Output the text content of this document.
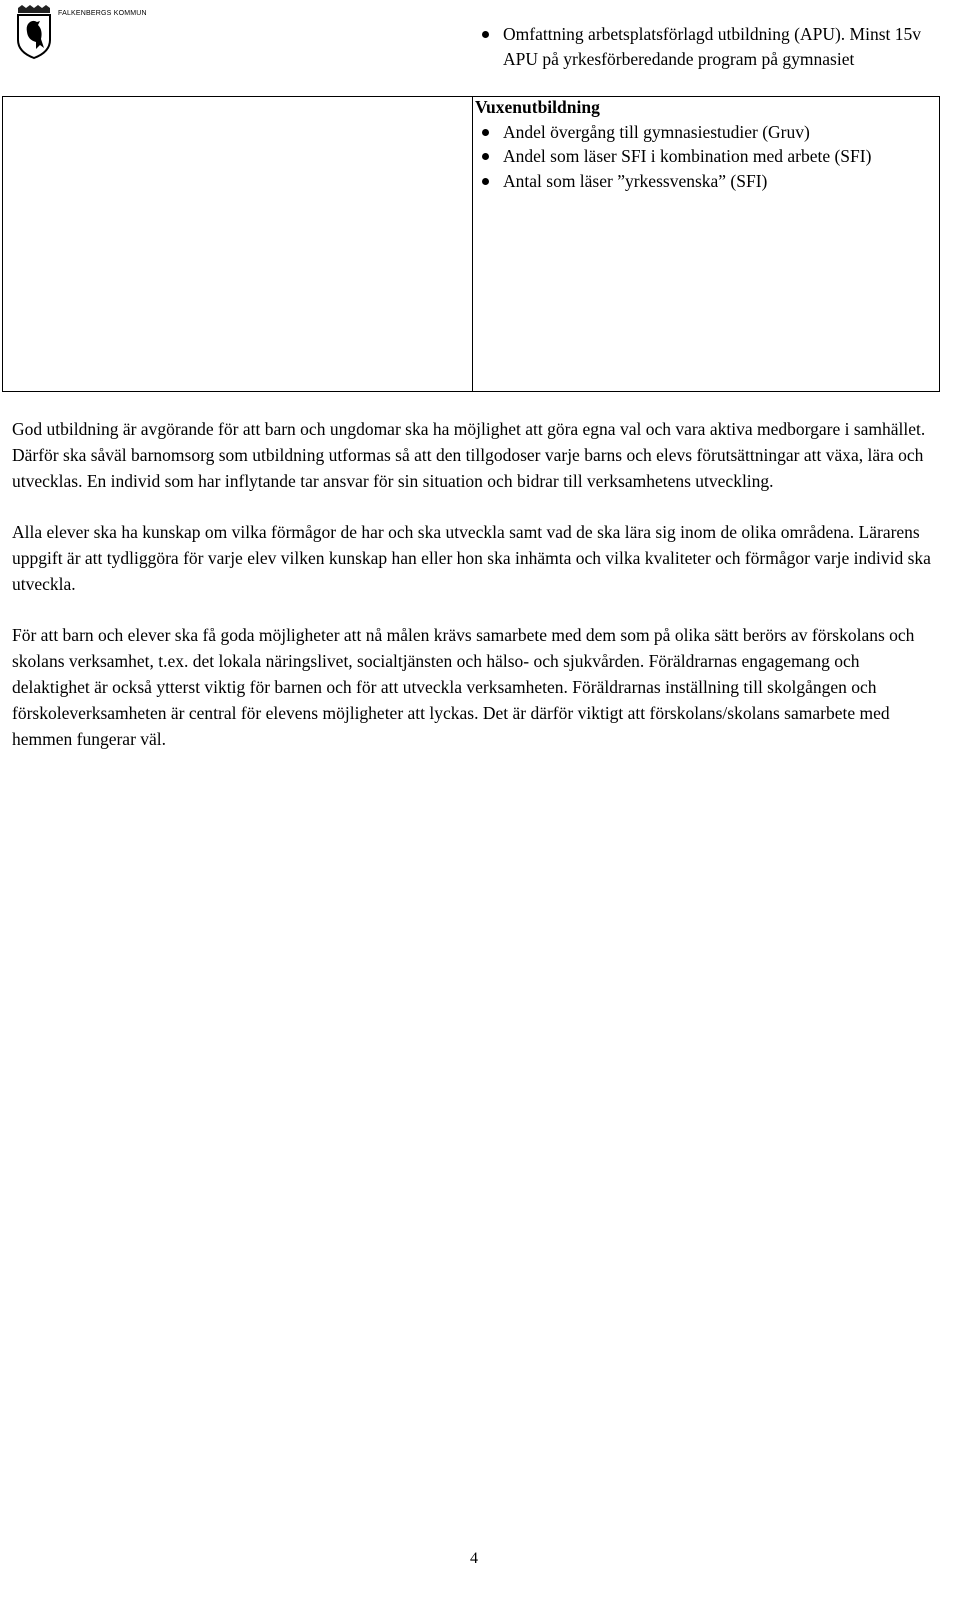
FALKENBERGS KOMMUN
Omfattning arbetsplatsförlagd utbildning (APU). Minst 15v APU på yrkesförberedande program på gymnasiet
Vuxenutbildning
Andel övergång till gymnasiestudier (Gruv)
Andel som läser SFI i kombination med arbete (SFI)
Antal som läser ”yrkessvenska” (SFI)

God utbildning är avgörande för att barn och ungdomar ska ha möjlighet att göra egna val och vara aktiva medborgare i samhället. Därför ska såväl barnomsorg som utbildning utformas så att den tillgodoser varje barns och elevs förutsättningar att växa, lära och utvecklas. En individ som har inflytande tar ansvar för sin situation och bidrar till verksamhetens utveckling.

Alla elever ska ha kunskap om vilka förmågor de har och ska utveckla samt vad de ska lära sig inom de olika områdena. Lärarens uppgift är att tydliggöra för varje elev vilken kunskap han eller hon ska inhämta och vilka kvaliteter och förmågor varje individ ska utveckla.

För att barn och elever ska få goda möjligheter att nå målen krävs samarbete med dem som på olika sätt berörs av förskolans och skolans verksamhet, t.ex. det lokala näringslivet, socialtjänsten och hälso- och sjukvården. Föräldrarnas engagemang och delaktighet är också ytterst viktig för barnen och för att utveckla verksamheten. Föräldrarnas inställning till skolgången och förskoleverksamheten är central för elevens möjligheter att lyckas. Det är därför viktigt att förskolans/skolans samarbete med hemmen fungerar väl.

4
